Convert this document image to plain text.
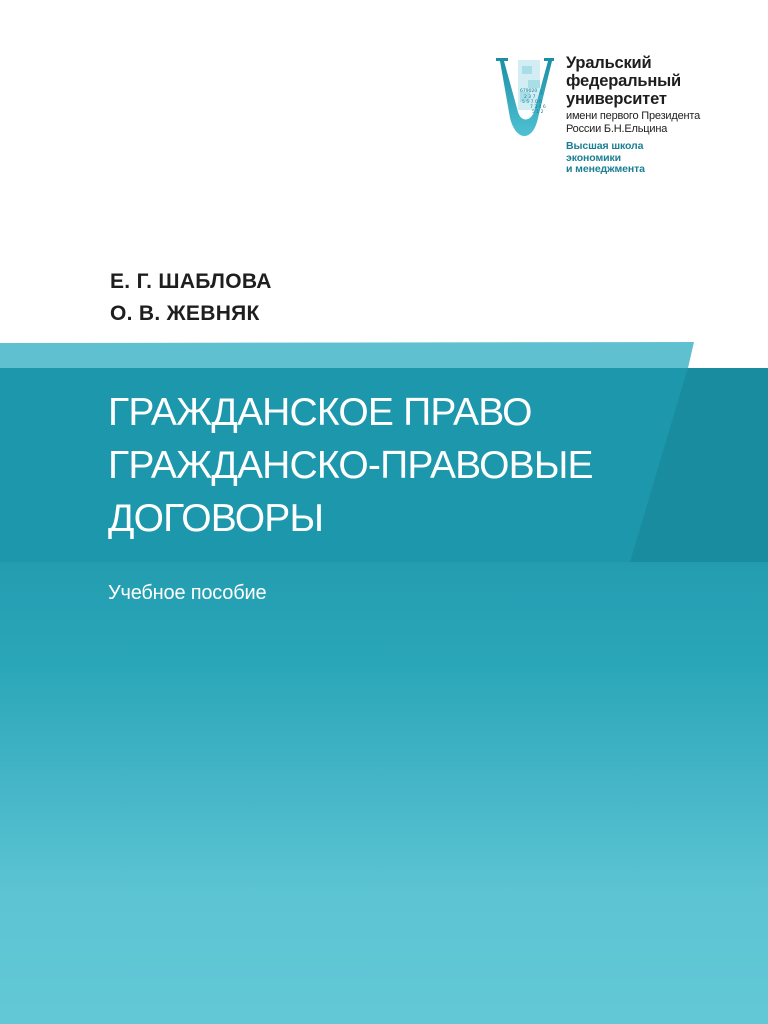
679020 1
2 3 7
5 5 7 0 0
7 3 4 6
5 1 2
Уральский
федеральный
университет
имени первого Президента
России Б.Н.Ельцина
Высшая школа
экономики
и менеджмента
Е. Г. ШАБЛОВА
О. В. ЖЕВНЯК
ГРАЖДАНСКОЕ ПРАВО
ГРАЖДАНСКО-ПРАВОВЫЕ
ДОГОВОРЫ
Учебное пособие
